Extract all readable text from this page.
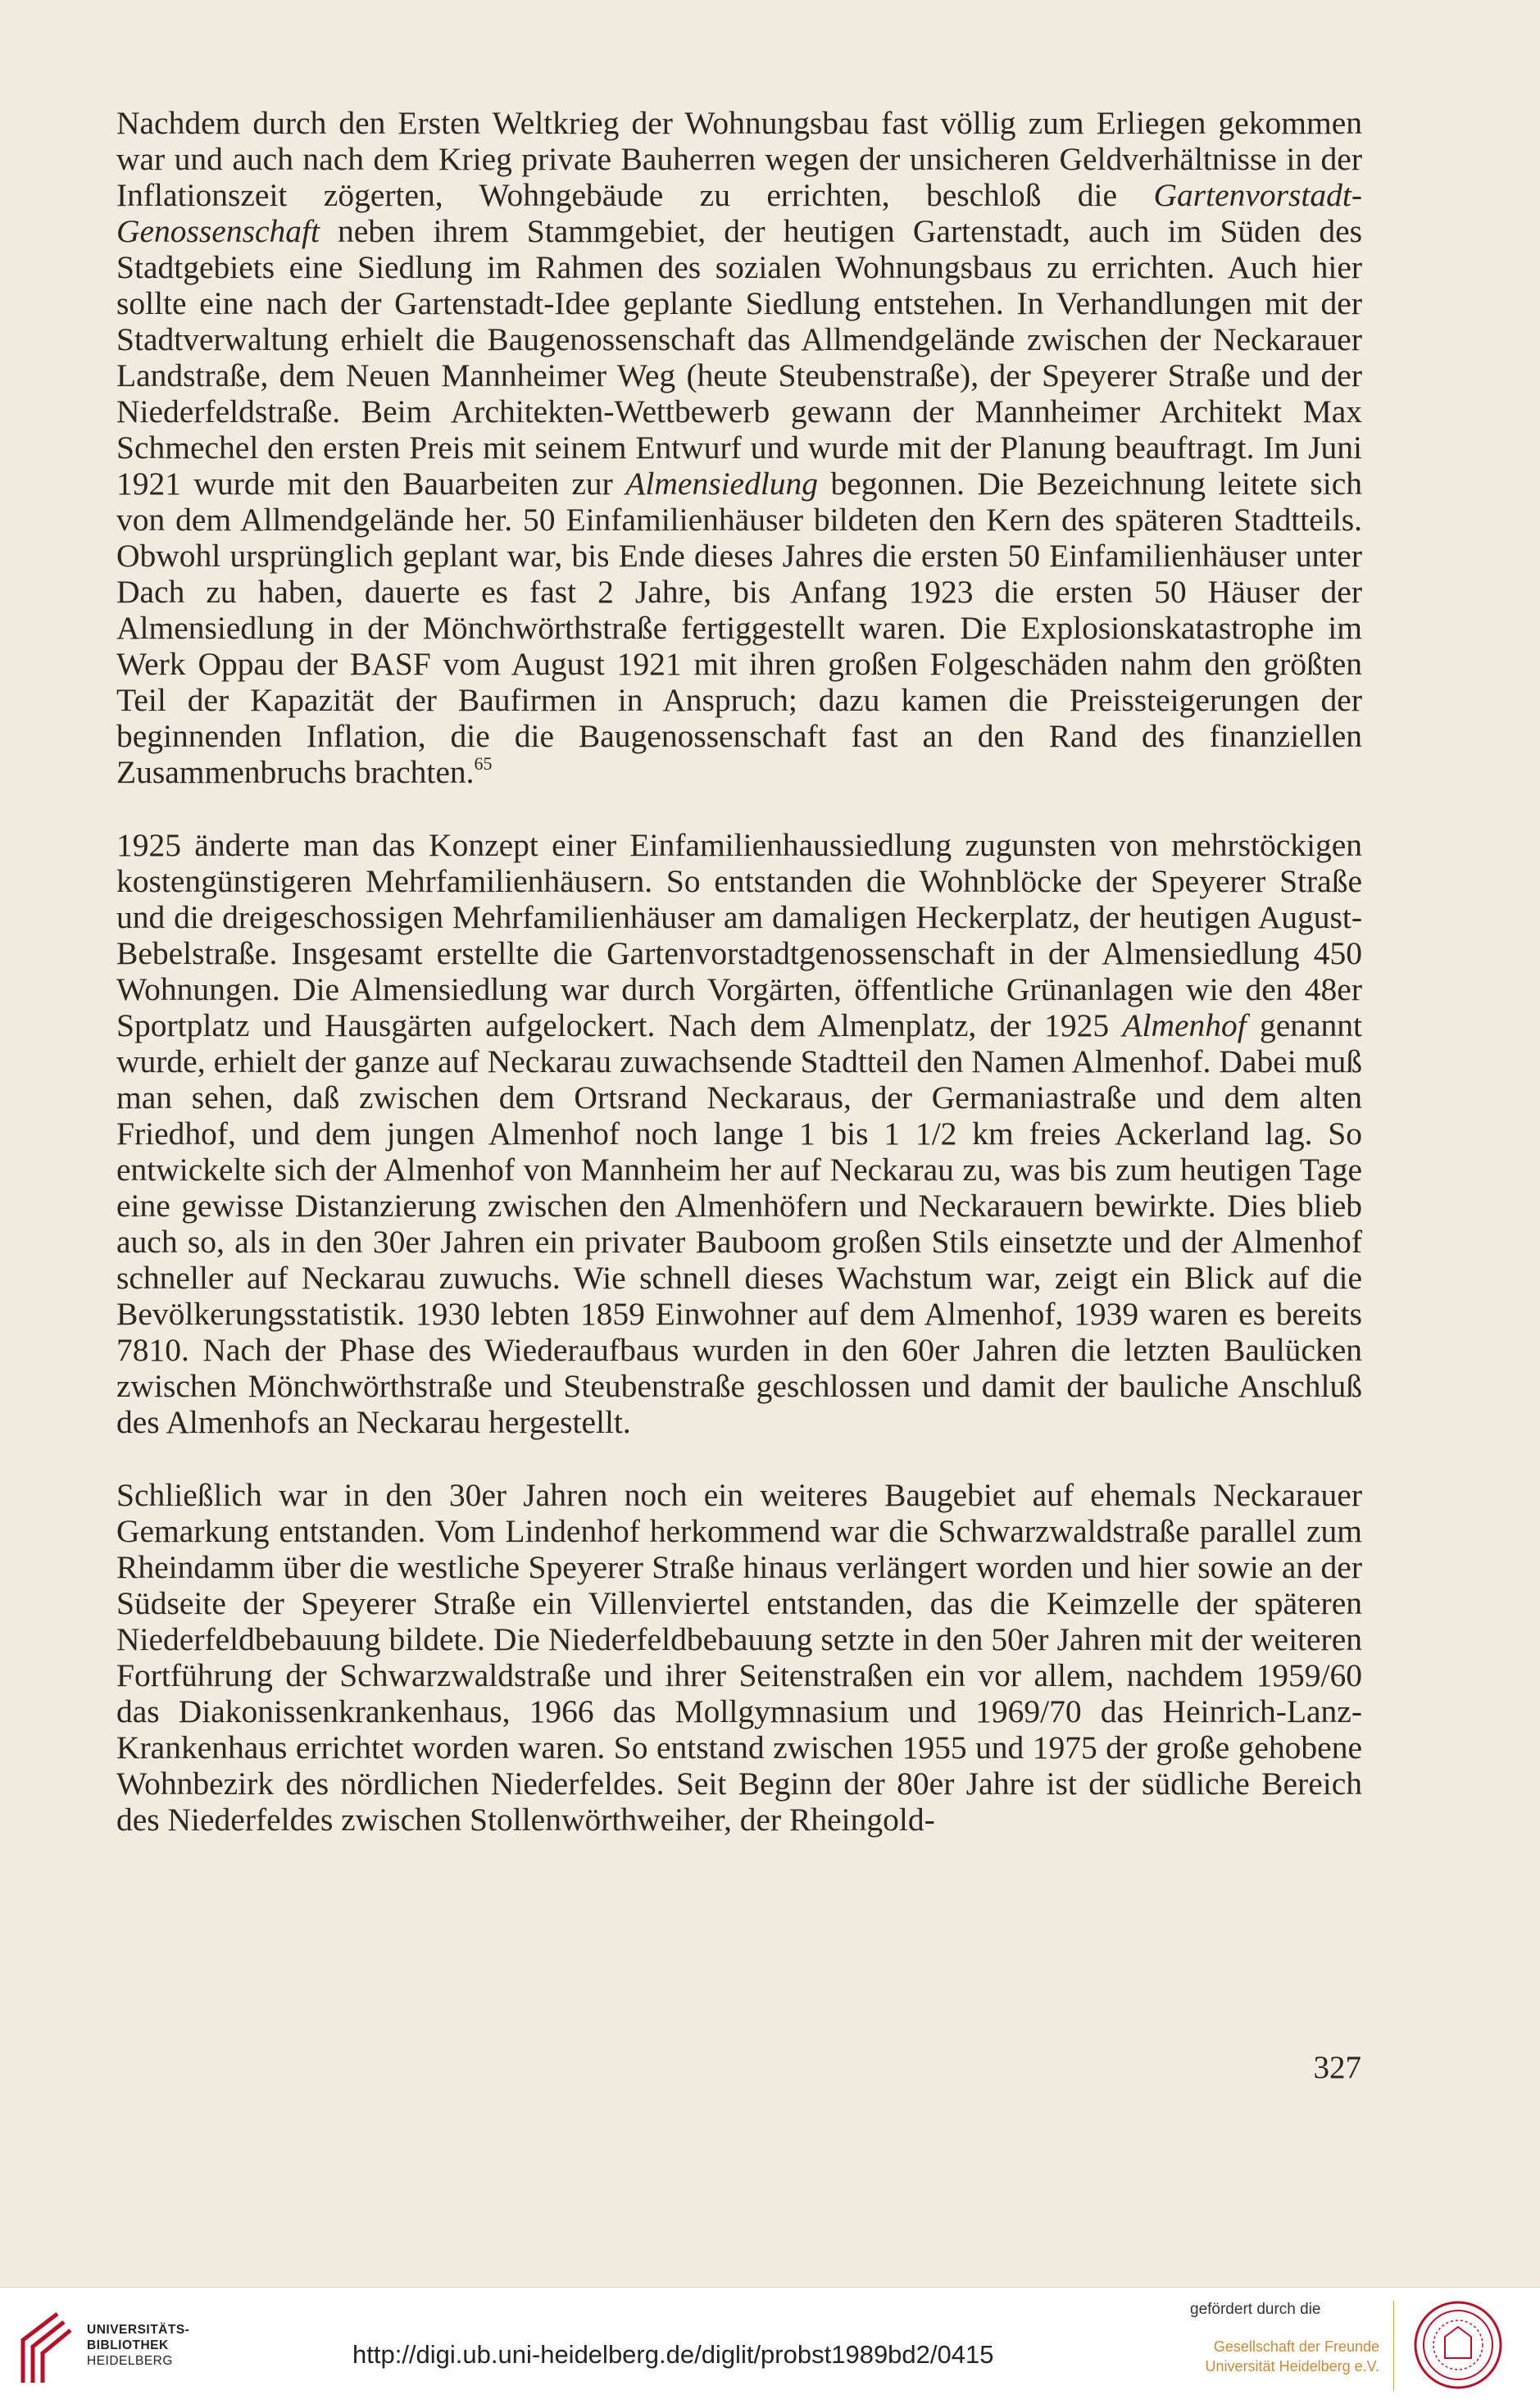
Nachdem durch den Ersten Weltkrieg der Wohnungsbau fast völlig zum Erliegen gekommen war und auch nach dem Krieg private Bauherren wegen der unsicheren Geldverhältnisse in der Inflationszeit zögerten, Wohngebäude zu errichten, beschloß die Gartenvorstadt-Genossenschaft neben ihrem Stammgebiet, der heutigen Gartenstadt, auch im Süden des Stadtgebiets eine Siedlung im Rahmen des sozialen Wohnungsbaus zu errichten. Auch hier sollte eine nach der Gartenstadt-Idee geplante Siedlung entstehen. In Verhandlungen mit der Stadtverwaltung erhielt die Baugenossenschaft das Allmendgelände zwischen der Neckarauer Landstraße, dem Neuen Mannheimer Weg (heute Steubenstraße), der Speyerer Straße und der Niederfeldstraße. Beim Architekten-Wettbewerb gewann der Mannheimer Architekt Max Schmechel den ersten Preis mit seinem Entwurf und wurde mit der Planung beauftragt. Im Juni 1921 wurde mit den Bauarbeiten zur Almensiedlung begonnen. Die Bezeichnung leitete sich von dem Allmendgelände her. 50 Einfamilienhäuser bildeten den Kern des späteren Stadtteils. Obwohl ursprünglich geplant war, bis Ende dieses Jahres die ersten 50 Einfamilienhäuser unter Dach zu haben, dauerte es fast 2 Jahre, bis Anfang 1923 die ersten 50 Häuser der Almensiedlung in der Mönchwörthstraße fertiggestellt waren. Die Explosionskatastrophe im Werk Oppau der BASF vom August 1921 mit ihren großen Folgeschäden nahm den größten Teil der Kapazität der Baufirmen in Anspruch; dazu kamen die Preissteigerungen der beginnenden Inflation, die die Baugenossenschaft fast an den Rand des finanziellen Zusammenbruchs brachten.$^{65}$

1925 änderte man das Konzept einer Einfamilienhaussiedlung zugunsten von mehrstöckigen kostengünstigeren Mehrfamilienhäusern. So entstanden die Wohnblöcke der Speyerer Straße und die dreigeschossigen Mehrfamilienhäuser am damaligen Heckerplatz, der heutigen August-Bebelstraße. Insgesamt erstellte die Gartenvorstadtgenossenschaft in der Almensiedlung 450 Wohnungen. Die Almensiedlung war durch Vorgärten, öffentliche Grünanlagen wie den 48er Sportplatz und Hausgärten aufgelockert. Nach dem Almenplatz, der 1925 Almenhof genannt wurde, erhielt der ganze auf Neckarau zuwachsende Stadtteil den Namen Almenhof. Dabei muß man sehen, daß zwischen dem Ortsrand Neckaraus, der Germaniastraße und dem alten Friedhof, und dem jungen Almenhof noch lange 1 bis 1 1/2 km freies Ackerland lag. So entwickelte sich der Almenhof von Mannheim her auf Neckarau zu, was bis zum heutigen Tage eine gewisse Distanzierung zwischen den Almenhöfern und Neckarauern bewirkte. Dies blieb auch so, als in den 30er Jahren ein privater Bauboom großen Stils einsetzte und der Almenhof schneller auf Neckarau zuwuchs. Wie schnell dieses Wachstum war, zeigt ein Blick auf die Bevölkerungsstatistik. 1930 lebten 1859 Einwohner auf dem Almenhof, 1939 waren es bereits 7810. Nach der Phase des Wiederaufbaus wurden in den 60er Jahren die letzten Baulücken zwischen Mönchwörthstraße und Steubenstraße geschlossen und damit der bauliche Anschluß des Almenhofs an Neckarau hergestellt.

Schließlich war in den 30er Jahren noch ein weiteres Baugebiet auf ehemals Neckarauer Gemarkung entstanden. Vom Lindenhof herkommend war die Schwarzwaldstraße parallel zum Rheindamm über die westliche Speyerer Straße hinaus verlängert worden und hier sowie an der Südseite der Speyerer Straße ein Villenviertel entstanden, das die Keimzelle der späteren Niederfeldbebauung bildete. Die Niederfeldbebauung setzte in den 50er Jahren mit der weiteren Fortführung der Schwarzwaldstraße und ihrer Seitenstraßen ein vor allem, nachdem 1959/60 das Diakonissenkrankenhaus, 1966 das Mollgymnasium und 1969/70 das Heinrich-Lanz-Krankenhaus errichtet worden waren. So entstand zwischen 1955 und 1975 der große gehobene Wohnbezirk des nördlichen Niederfeldes. Seit Beginn der 80er Jahre ist der südliche Bereich des Niederfeldes zwischen Stollenwörthweiher, der Rheingold-

327
UNIVERSITÄTS-
BIBLIOTHEK
HEIDELBERG	http://digi.ub.uni-heidelberg.de/diglit/probst1989bd2/0415
gefördert durch die
Gesellschaft der Freunde
Universität Heidelberg e.V.
